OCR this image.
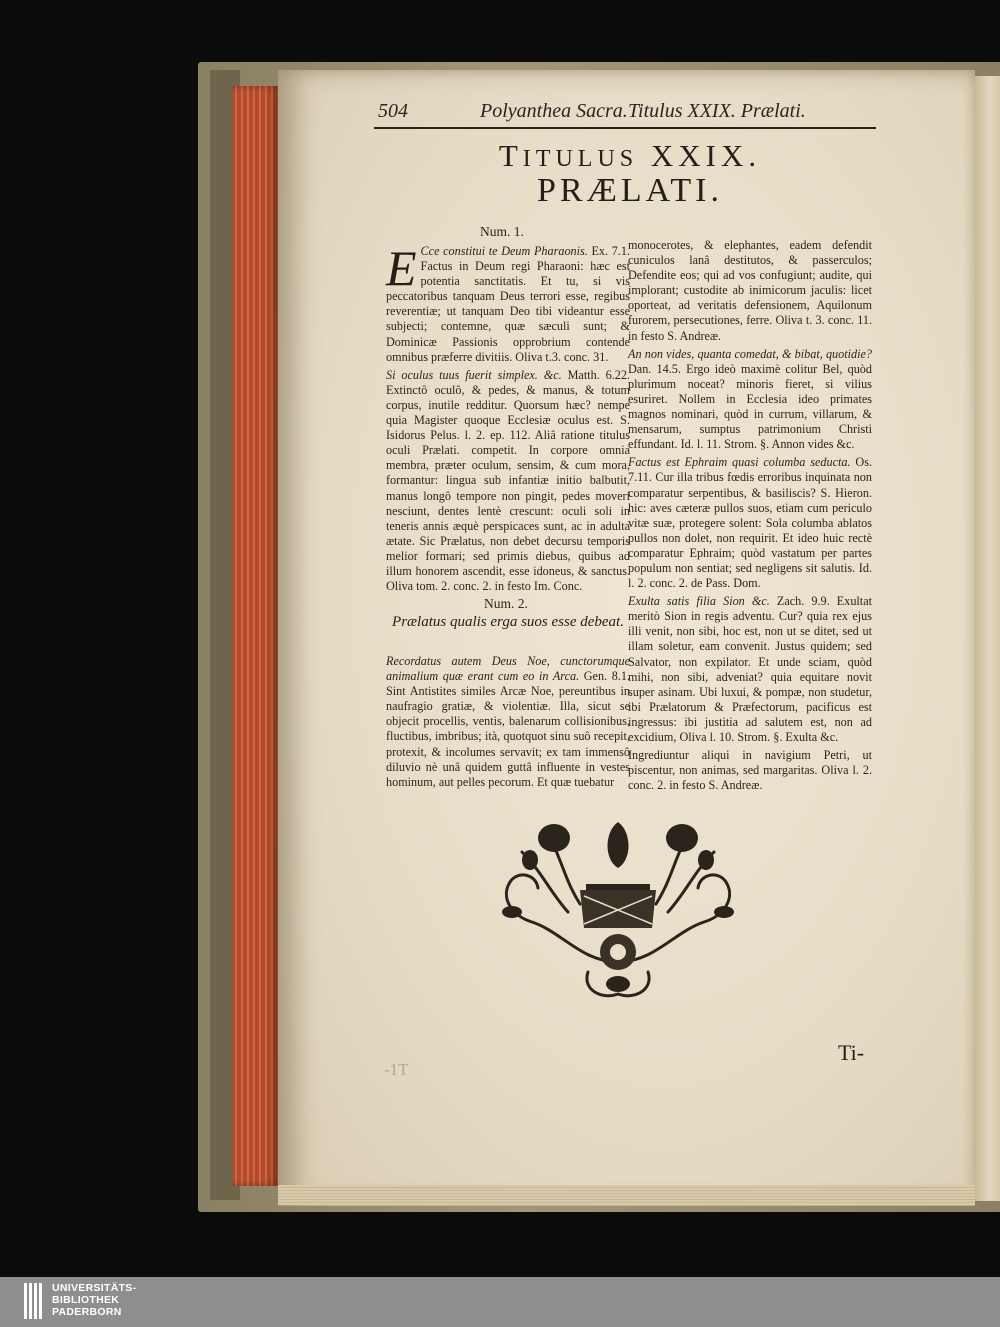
504	Polyanthea Sacra. Titulus XXIX. Prælati.
TITULUS XXIX.
PRÆLATI.
Num. 1.

E Cce constitui te Deum Pharaonis. Ex. 7.1. Factus in Deum regi Pharaoni: hæc est potentia sanctitatis. Et tu, si vis peccatoribus tanquam Deus terrori esse, regibus reverentiæ; ut tanquam Deo tibi videantur esse subjecti; contemne, quæ sæculi sunt; & Dominicæ Passionis opprobrium contende omnibus præferre divitiis. Oliva t.3. conc. 31.

Si oculus tuus fuerit simplex. &c. Matth. 6.22. Extinctô oculô, & pedes, & manus, & totum corpus, inutile redditur. Quorsum hæc? nempe quia Magister quoque Ecclesiæ oculus est. S. Isidorus Pelus. l. 2. ep. 112. Aliâ ratione titulus oculi Prælati. competit. In corpore omnia membra, præter oculum, sensim, & cum mora, formantur: lingua sub infantiæ initio balbutit, manus longô tempore non pingit, pedes moveri nesciunt, dentes lentè crescunt: oculi soli in teneris annis æquè perspicaces sunt, ac in adulta ætate. Sic Prælatus, non debet decursu temporis melior formari; sed primis diebus, quibus ad illum honorem ascendit, esse idoneus, & sanctus. Oliva tom. 2. conc. 2. in festo Im. Conc.

Num. 2.
Prælatus qualis erga suos esse debeat.

Recordatus autem Deus Noe, cunctorumque animalium quæ erant cum eo in Arca. Gen. 8.1. Sint Antistites similes Arcæ Noe, pereuntibus in naufragio gratiæ, & violentiæ. Illa, sicut se objecit procellis, ventis, balenarum collisionibus, fluctibus, imbribus; ità, quotquot sinu suô recepit, protexit, & incolumes servavit; ex tam immensô diluvio nè unâ quidem guttâ influente in vestes hominum, aut pelles pecorum. Et quæ tuebatur

monocerotes, & elephantes, eadem defendit cuniculos lanâ destitutos, & passerculos; Defendite eos; qui ad vos confugiunt; audite, qui implorant; custodite ab inimicorum jaculis: licet oporteat, ad veritatis defensionem, Aquilonum furorem, persecutiones, ferre. Oliva t. 3. conc. 11. in festo S. Andreæ.

An non vides, quanta comedat, & bibat, quotidie? Dan. 14.5. Ergo ideò maximè colitur Bel, quòd plurimum noceat? minoris fieret, si vilius esuriret. Nollem in Ecclesia ideo primates magnos nominari, quòd in currum, villarum, & mensarum, sumptus patrimonium Christi effundant. Id. l. 11. Strom. §. Annon vides &c.

Factus est Ephraim quasi columba seducta. Os. 7.11. Cur illa tribus fœdis erroribus inquinata non comparatur serpentibus, & basiliscis? S. Hieron. hic: aves cæteræ pullos suos, etiam cum periculo vitæ suæ, protegere solent: Sola columba ablatos pullos non dolet, non requirit. Et ideo huic rectè comparatur Ephraim; quòd vastatum per partes populum non sentiat; sed negligens sit salutis. Id. l. 2. conc. 2. de Pass. Dom.

Exulta satis filia Sion &c. Zach. 9.9. Exultat meritò Sion in regis adventu. Cur? quia rex ejus illi venit, non sibi, hoc est, non ut se ditet, sed ut illam soletur, eam convenit. Justus quidem; sed Salvator, non expilator. Et unde sciam, quòd mihi, non sibi, adveniat? quia equitare novit super asinam. Ubi luxui, & pompæ, non studetur, ibi Prælatorum & Præfectorum, pacificus est ingressus: ibi justitia ad salutem est, non ad excidium, Oliva l. 10. Strom. §. Exulta &c.

Ingrediuntur aliqui in navigium Petri, ut piscentur, non animas, sed margaritas. Oliva l. 2. conc. 2. in festo S. Andreæ.

-1T
Ti-
UNIVERSITÄTS-
BIBLIOTHEK
PADERBORN
